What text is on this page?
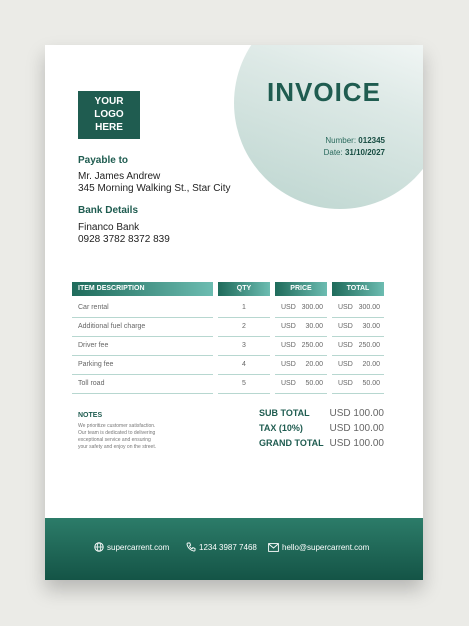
INVOICE
Number: 012345
Date: 31/10/2027
YOUR
LOGO
HERE
Payable to
Mr. James Andrew
345 Morning Walking St., Star City
Bank Details
Financo Bank
0928 3782 8372 839
ITEM DESCRIPTION	QTY	PRICE	TOTAL
Car rental	1	USD 300.00 USD 300.00
Additional fuel charge	2	USD 30.00 USD 30.00
Driver fee	3	USD 250.00 USD 250.00
Parking fee	4	USD 20.00 USD 20.00
Toll road	5	USD 50.00 USD 50.00
NOTES
We prioritize customer satisfaction.
Our team is dedicated to delivering
exceptional service and ensuring
your safety and enjoy on the street.
SUB TOTAL USD 100.00
TAX (10%)	USD 100.00
GRAND TOTAL USD 100.00
supercarrent.com	1234 3987 7468	hello@supercarrent.com
